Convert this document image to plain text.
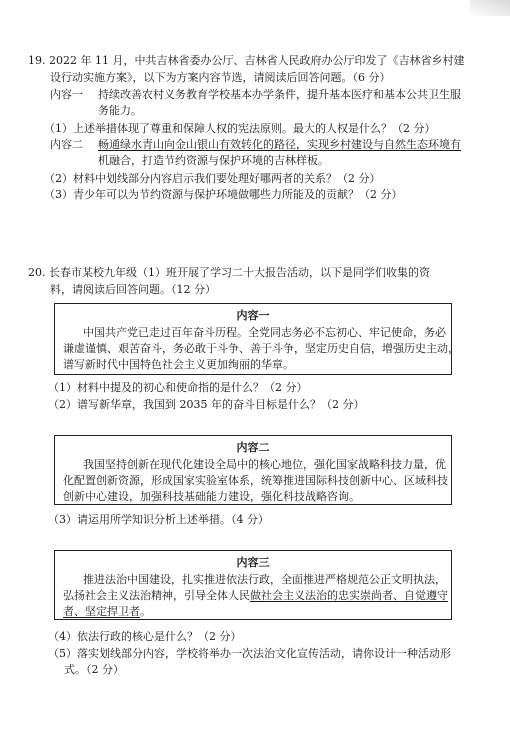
19. 2022 年 11 月，中共吉林省委办公厅、吉林省人民政府办公厅印发了《吉林省乡村建
设行动实施方案》，以下为方案内容节选，请阅读后回答问题。（6 分）
内容一 持续改善农村义务教育学校基本办学条件，提升基本医疗和基本公共卫生服
务能力。
（1）上述举措体现了尊重和保障人权的宪法原则。最大的人权是什么？（2 分）
内容二 畅通绿水青山向金山银山有效转化的路径，实现乡村建设与自然生态环境有
机融合，打造节约资源与保护环境的吉林样板。
（2）材料中划线部分内容启示我们要处理好哪两者的关系？（2 分）
（3）青少年可以为节约资源与保护环境做哪些力所能及的贡献？（2 分）
20. 长春市某校九年级（1）班开展了学习二十大报告活动，以下是同学们收集的资
料，请阅读后回答问题。（12 分）
内容一
中国共产党已走过百年奋斗历程。全党同志务必不忘初心、牢记使命，务必
谦虚谨慎、艰苦奋斗，务必敢于斗争、善于斗争，坚定历史自信，增强历史主动，
谱写新时代中国特色社会主义更加绚丽的华章。
（1）材料中提及的初心和使命指的是什么？（2 分）
（2）谱写新华章，我国到 2035 年的奋斗目标是什么？（2 分）
内容二
我国坚持创新在现代化建设全局中的核心地位，强化国家战略科技力量，优
化配置创新资源，形成国家实验室体系，统筹推进国际科技创新中心、区域科技
创新中心建设，加强科技基础能力建设，强化科技战略咨询。
（3）请运用所学知识分析上述举措。（4 分）
内容三
推进法治中国建设，扎实推进依法行政，全面推进严格规范公正文明执法，
弘扬社会主义法治精神，引导全体人民做社会主义法治的忠实崇尚者、自觉遵守
者、坚定捍卫者。
（4）依法行政的核心是什么？（2 分）
（5）落实划线部分内容，学校将举办一次法治文化宣传活动，请你设计一种活动形
式。（2 分）
